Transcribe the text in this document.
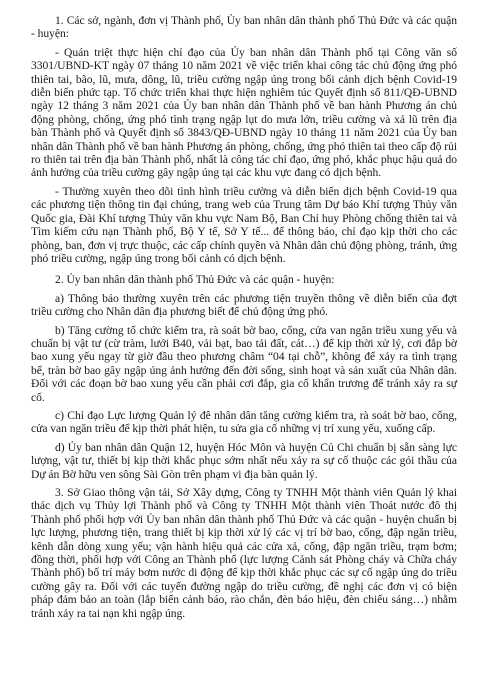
1. Các sở, ngành, đơn vị Thành phố, Ủy ban nhân dân thành phố Thủ Đức và các quận - huyện:

- Quán triệt thực hiện chỉ đạo của Ủy ban nhân dân Thành phố tại Công văn số 3301/UBND-KT ngày 07 tháng 10 năm 2021 về việc triển khai công tác chủ động ứng phó thiên tai, bão, lũ, mưa, dông, lũ, triều cường ngập úng trong bối cảnh dịch bệnh Covid-19 diễn biến phức tạp. Tổ chức triển khai thực hiện nghiêm túc Quyết định số 811/QĐ-UBND ngày 12 tháng 3 năm 2021 của Ủy ban nhân dân Thành phố về ban hành Phương án chủ động phòng, chống, ứng phó tình trạng ngập lụt do mưa lớn, triều cường và xả lũ trên địa bàn Thành phố và Quyết định số 3843/QĐ-UBND ngày 10 tháng 11 năm 2021 của Ủy ban nhân dân Thành phố về ban hành Phương án phòng, chống, ứng phó thiên tai theo cấp độ rủi ro thiên tai trên địa bàn Thành phố, nhất là công tác chỉ đạo, ứng phó, khắc phục hậu quả do ảnh hưởng của triều cường gây ngập úng tại các khu vực đang có dịch bệnh.

- Thường xuyên theo dõi tình hình triều cường và diễn biến dịch bệnh Covid-19 qua các phương tiện thông tin đại chúng, trang web của Trung tâm Dự báo Khí tượng Thủy văn Quốc gia, Đài Khí tượng Thủy văn khu vực Nam Bộ, Ban Chỉ huy Phòng chống thiên tai và Tìm kiếm cứu nạn Thành phố, Bộ Y tế, Sở Y tế... để thông báo, chỉ đạo kịp thời cho các phòng, ban, đơn vị trực thuộc, các cấp chính quyền và Nhân dân chủ động phòng, tránh, ứng phó triều cường, ngập úng trong bối cảnh có dịch bệnh.

2. Ủy ban nhân dân thành phố Thủ Đức và các quận - huyện:

a) Thông báo thường xuyên trên các phương tiện truyền thông về diễn biến của đợt triều cường cho Nhân dân địa phương biết để chủ động ứng phó.

b) Tăng cường tổ chức kiểm tra, rà soát bờ bao, cống, cửa van ngăn triều xung yếu và chuẩn bị vật tư (cừ tràm, lưới B40, vải bạt, bao tải đất, cát…) để kịp thời xử lý, cơi đắp bờ bao xung yếu ngay từ giờ đầu theo phương châm “04 tại chỗ”, không để xảy ra tình trạng bể, tràn bờ bao gây ngập úng ảnh hưởng đến đời sống, sinh hoạt và sản xuất của Nhân dân. Đối với các đoạn bờ bao xung yếu cần phải cơi đắp, gia cố khẩn trương để tránh xảy ra sự cố.

c) Chỉ đạo Lực lượng Quản lý đê nhân dân tăng cường kiểm tra, rà soát bờ bao, cống, cửa van ngăn triều để kịp thời phát hiện, tu sửa gia cố những vị trí xung yếu, xuống cấp.

d) Ủy ban nhân dân Quận 12, huyện Hóc Môn và huyện Củ Chi chuẩn bị sẵn sàng lực lượng, vật tư, thiết bị kịp thời khắc phục sớm nhất nếu xảy ra sự cố thuộc các gói thầu của Dự án Bờ hữu ven sông Sài Gòn trên phạm vi địa bàn quản lý.

3. Sở Giao thông vận tải, Sở Xây dựng, Công ty TNHH Một thành viên Quản lý khai thác dịch vụ Thủy lợi Thành phố và Công ty TNHH Một thành viên Thoát nước đô thị Thành phố phối hợp với Ủy ban nhân dân thành phố Thủ Đức và các quận - huyện chuẩn bị lực lượng, phương tiện, trang thiết bị kịp thời xử lý các vị trí bờ bao, cống, đập ngăn triều, kênh dẫn dòng xung yếu; vận hành hiệu quả các cửa xả, cống, đập ngăn triều, trạm bơm; đồng thời, phối hợp với Công an Thành phố (lực lượng Cảnh sát Phòng cháy và Chữa cháy Thành phố) bố trí máy bơm nước di động để kịp thời khắc phục các sự cố ngập úng do triều cường gây ra. Đối với các tuyến đường ngập do triều cường, đề nghị các đơn vị có biện pháp đảm bảo an toàn (lắp biển cảnh báo, rào chắn, đèn báo hiệu, đèn chiếu sáng…) nhằm tránh xảy ra tai nạn khi ngập úng.
